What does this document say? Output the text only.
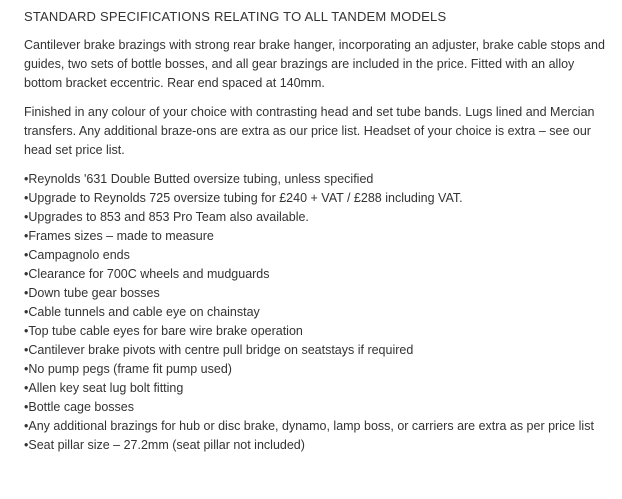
STANDARD SPECIFICATIONS RELATING TO ALL TANDEM MODELS

Cantilever brake brazings with strong rear brake hanger, incorporating an adjuster, brake cable stops and guides, two sets of bottle bosses, and all gear brazings are included in the price. Fitted with an alloy bottom bracket eccentric. Rear end spaced at 140mm.

Finished in any colour of your choice with contrasting head and set tube bands. Lugs lined and Mercian transfers. Any additional braze-ons are extra as our price list. Headset of your choice is extra – see our head set price list.

•Reynolds '631 Double Butted oversize tubing, unless specified
•Upgrade to Reynolds 725 oversize tubing for £240 + VAT / £288 including VAT.
•Upgrades to 853 and 853 Pro Team also available.
•Frames sizes – made to measure
•Campagnolo ends
•Clearance for 700C wheels and mudguards
•Down tube gear bosses
•Cable tunnels and cable eye on chainstay
•Top tube cable eyes for bare wire brake operation
•Cantilever brake pivots with centre pull bridge on seatstays if required
•No pump pegs (frame fit pump used)
•Allen key seat lug bolt fitting
•Bottle cage bosses
•Any additional brazings for hub or disc brake, dynamo, lamp boss, or carriers are extra as per price list
•Seat pillar size – 27.2mm (seat pillar not included)
